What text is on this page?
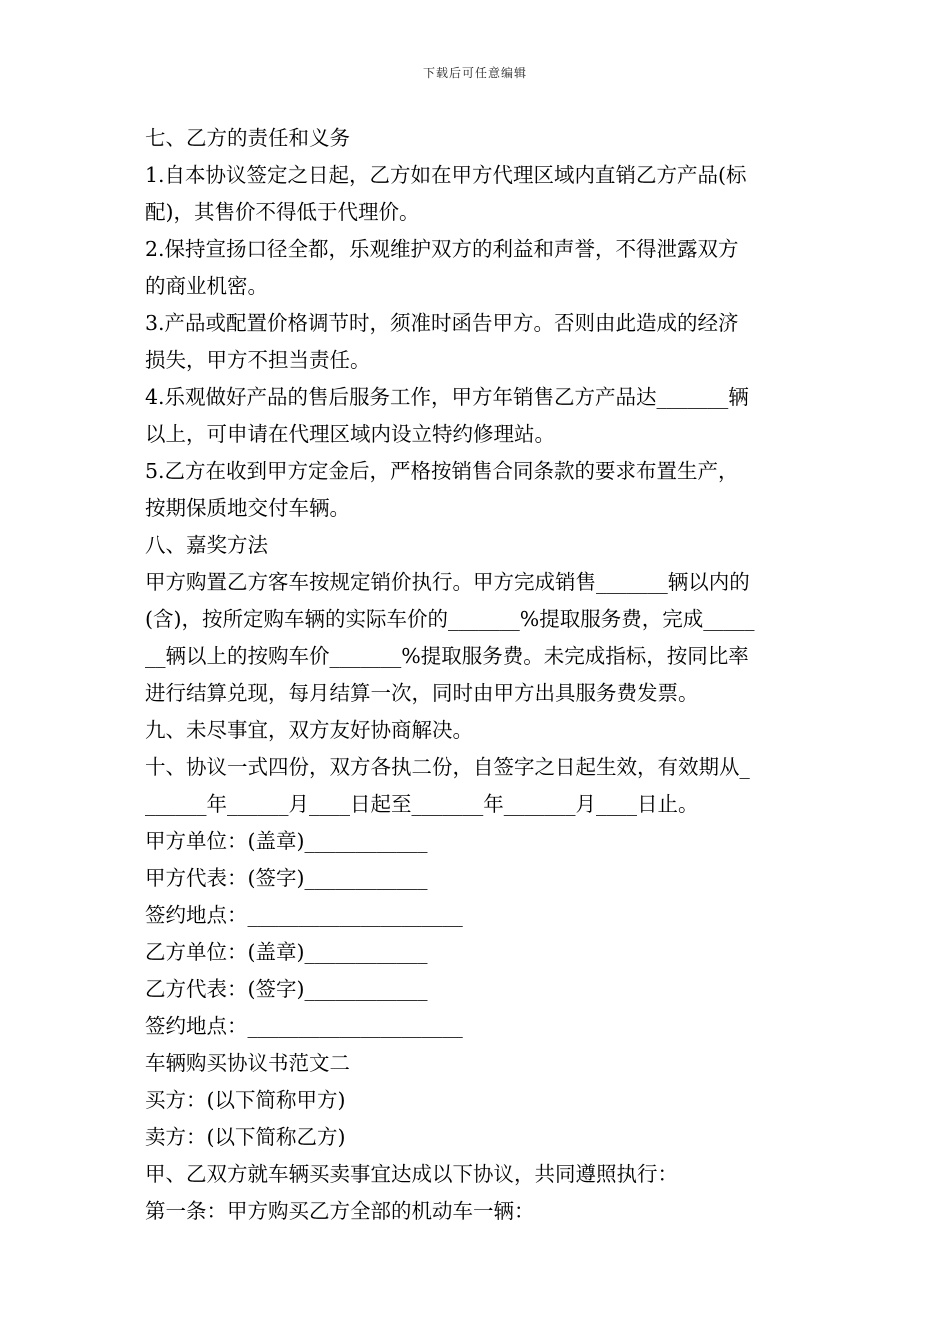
下载后可任意编辑
七、乙方的责任和义务
1.自本协议签定之日起，乙方如在甲方代理区域内直销乙方产品(标
配)，其售价不得低于代理价。
2.保持宣扬口径全都，乐观维护双方的利益和声誉，不得泄露双方
的商业机密。
3.产品或配置价格调节时，须准时函告甲方。否则由此造成的经济
损失，甲方不担当责任。
4.乐观做好产品的售后服务工作，甲方年销售乙方产品达_______辆
以上，可申请在代理区域内设立特约修理站。
5.乙方在收到甲方定金后，严格按销售合同条款的要求布置生产，
按期保质地交付车辆。
八、嘉奖方法
甲方购置乙方客车按规定销价执行。甲方完成销售_______辆以内的
(含)，按所定购车辆的实际车价的_______%提取服务费，完成_____
__辆以上的按购车价_______%提取服务费。未完成指标，按同比率
进行结算兑现，每月结算一次，同时由甲方出具服务费发票。
九、未尽事宜，双方友好协商解决。
十、协议一式四份，双方各执二份，自签字之日起生效，有效期从_
______年______月____日起至_______年_______月____日止。
甲方单位：(盖章)____________
甲方代表：(签字)____________
签约地点：_____________________
乙方单位：(盖章)____________
乙方代表：(签字)____________
签约地点：_____________________
车辆购买协议书范文二
买方：(以下简称甲方)
卖方：(以下简称乙方)
甲、乙双方就车辆买卖事宜达成以下协议，共同遵照执行：
第一条：甲方购买乙方全部的机动车一辆：
